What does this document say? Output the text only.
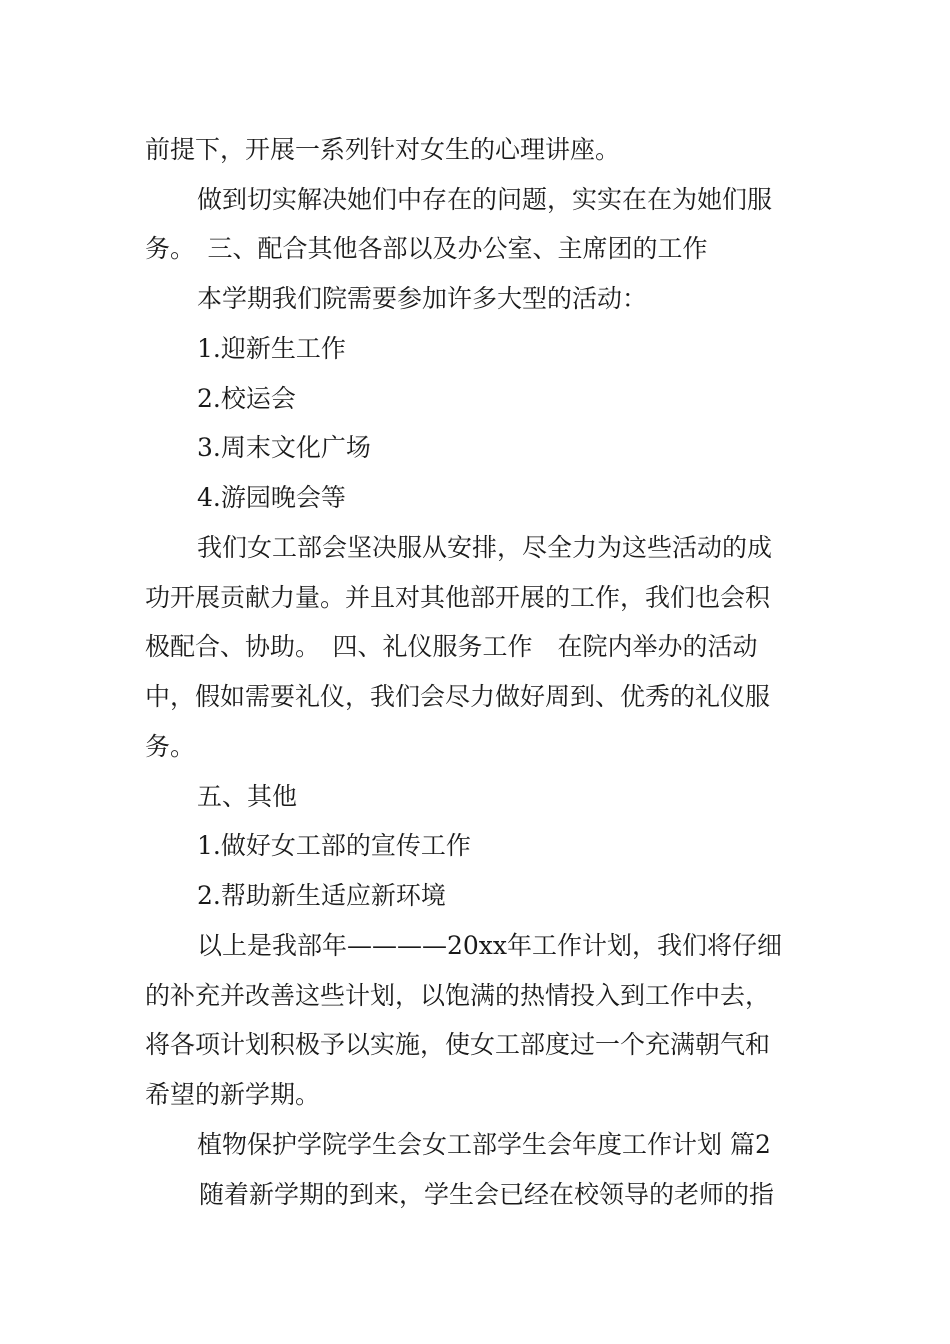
前提下，开展一系列针对女生的心理讲座。
做到切实解决她们中存在的问题，实实在在为她们服
务。　三、配合其他各部以及办公室、主席团的工作
本学期我们院需要参加许多大型的活动：
1.迎新生工作
2.校运会
3.周末文化广场
4.游园晚会等
我们女工部会坚决服从安排，尽全力为这些活动的成
功开展贡献力量。并且对其他部开展的工作，我们也会积
极配合、协助。　四、礼仪服务工作　在院内举办的活动
中，假如需要礼仪，我们会尽力做好周到、优秀的礼仪服
务。
五、其他
1.做好女工部的宣传工作
2.帮助新生适应新环境
以上是我部年————20xx年工作计划，我们将仔细
的补充并改善这些计划，以饱满的热情投入到工作中去，
将各项计划积极予以实施，使女工部度过一个充满朝气和
希望的新学期。
植物保护学院学生会女工部学生会年度工作计划 篇2
随着新学期的到来，学生会已经在校领导的老师的指
